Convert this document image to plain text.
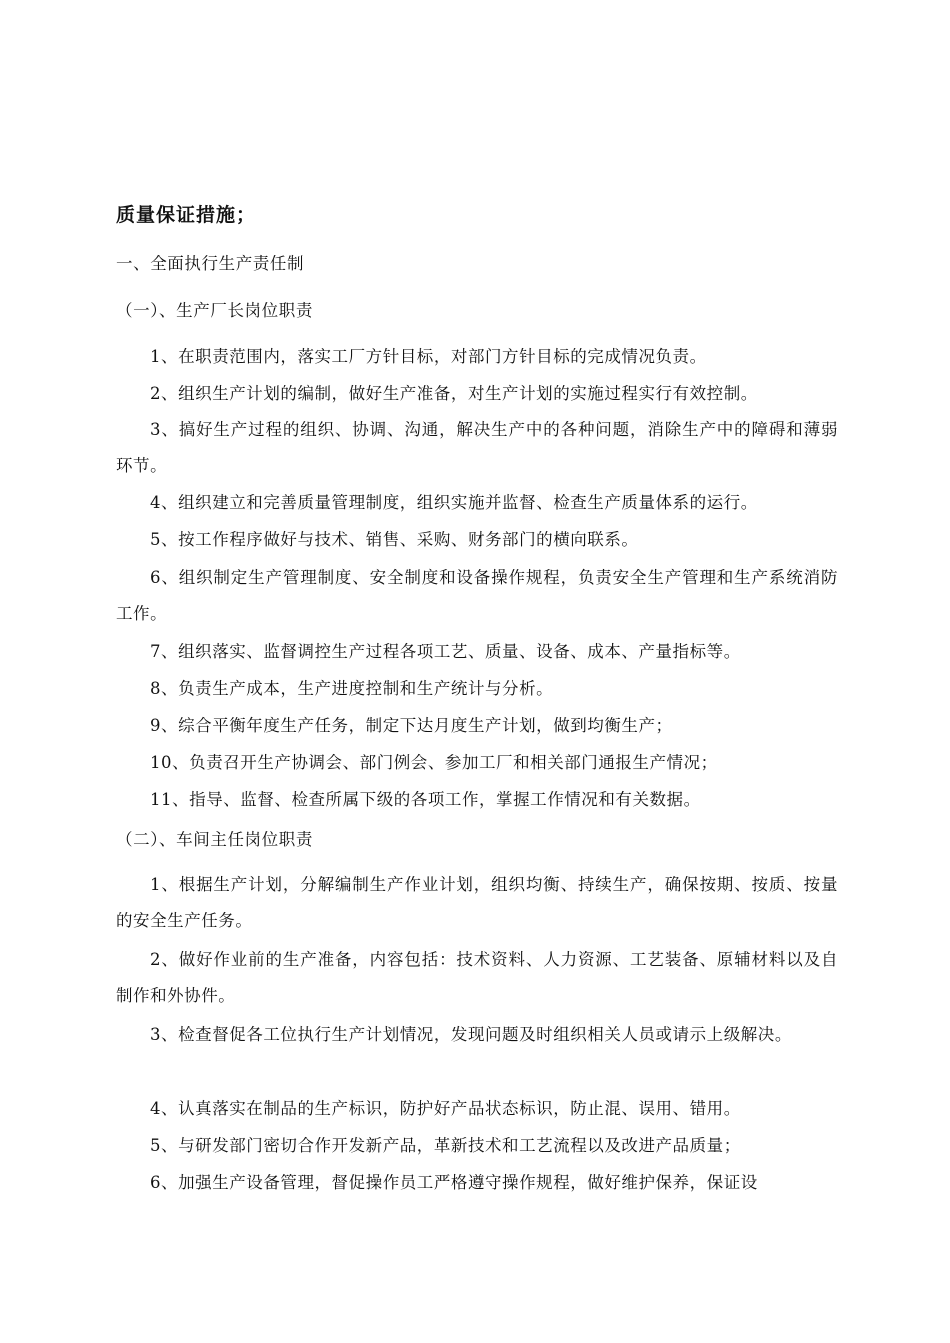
质量保证措施；
一、全面执行生产责任制
（一）、生产厂长岗位职责
1、在职责范围内，落实工厂方针目标，对部门方针目标的完成情况负责。
2、组织生产计划的编制，做好生产准备，对生产计划的实施过程实行有效控制。
3、搞好生产过程的组织、协调、沟通，解决生产中的各种问题，消除生产中的障碍和薄弱环节。
4、组织建立和完善质量管理制度，组织实施并监督、检查生产质量体系的运行。
5、按工作程序做好与技术、销售、采购、财务部门的横向联系。
6、组织制定生产管理制度、安全制度和设备操作规程，负责安全生产管理和生产系统消防工作。
7、组织落实、监督调控生产过程各项工艺、质量、设备、成本、产量指标等。
8、负责生产成本，生产进度控制和生产统计与分析。
9、综合平衡年度生产任务，制定下达月度生产计划，做到均衡生产；
10、负责召开生产协调会、部门例会、参加工厂和相关部门通报生产情况；
11、指导、监督、检查所属下级的各项工作，掌握工作情况和有关数据。
（二）、车间主任岗位职责
1、根据生产计划，分解编制生产作业计划，组织均衡、持续生产，确保按期、按质、按量的安全生产任务。
2、做好作业前的生产准备，内容包括：技术资料、人力资源、工艺装备、原辅材料以及自制作和外协件。
3、检查督促各工位执行生产计划情况，发现问题及时组织相关人员或请示上级解决。
4、认真落实在制品的生产标识，防护好产品状态标识，防止混、误用、错用。
5、与研发部门密切合作开发新产品，革新技术和工艺流程以及改进产品质量；
6、加强生产设备管理，督促操作员工严格遵守操作规程，做好维护保养，保证设
